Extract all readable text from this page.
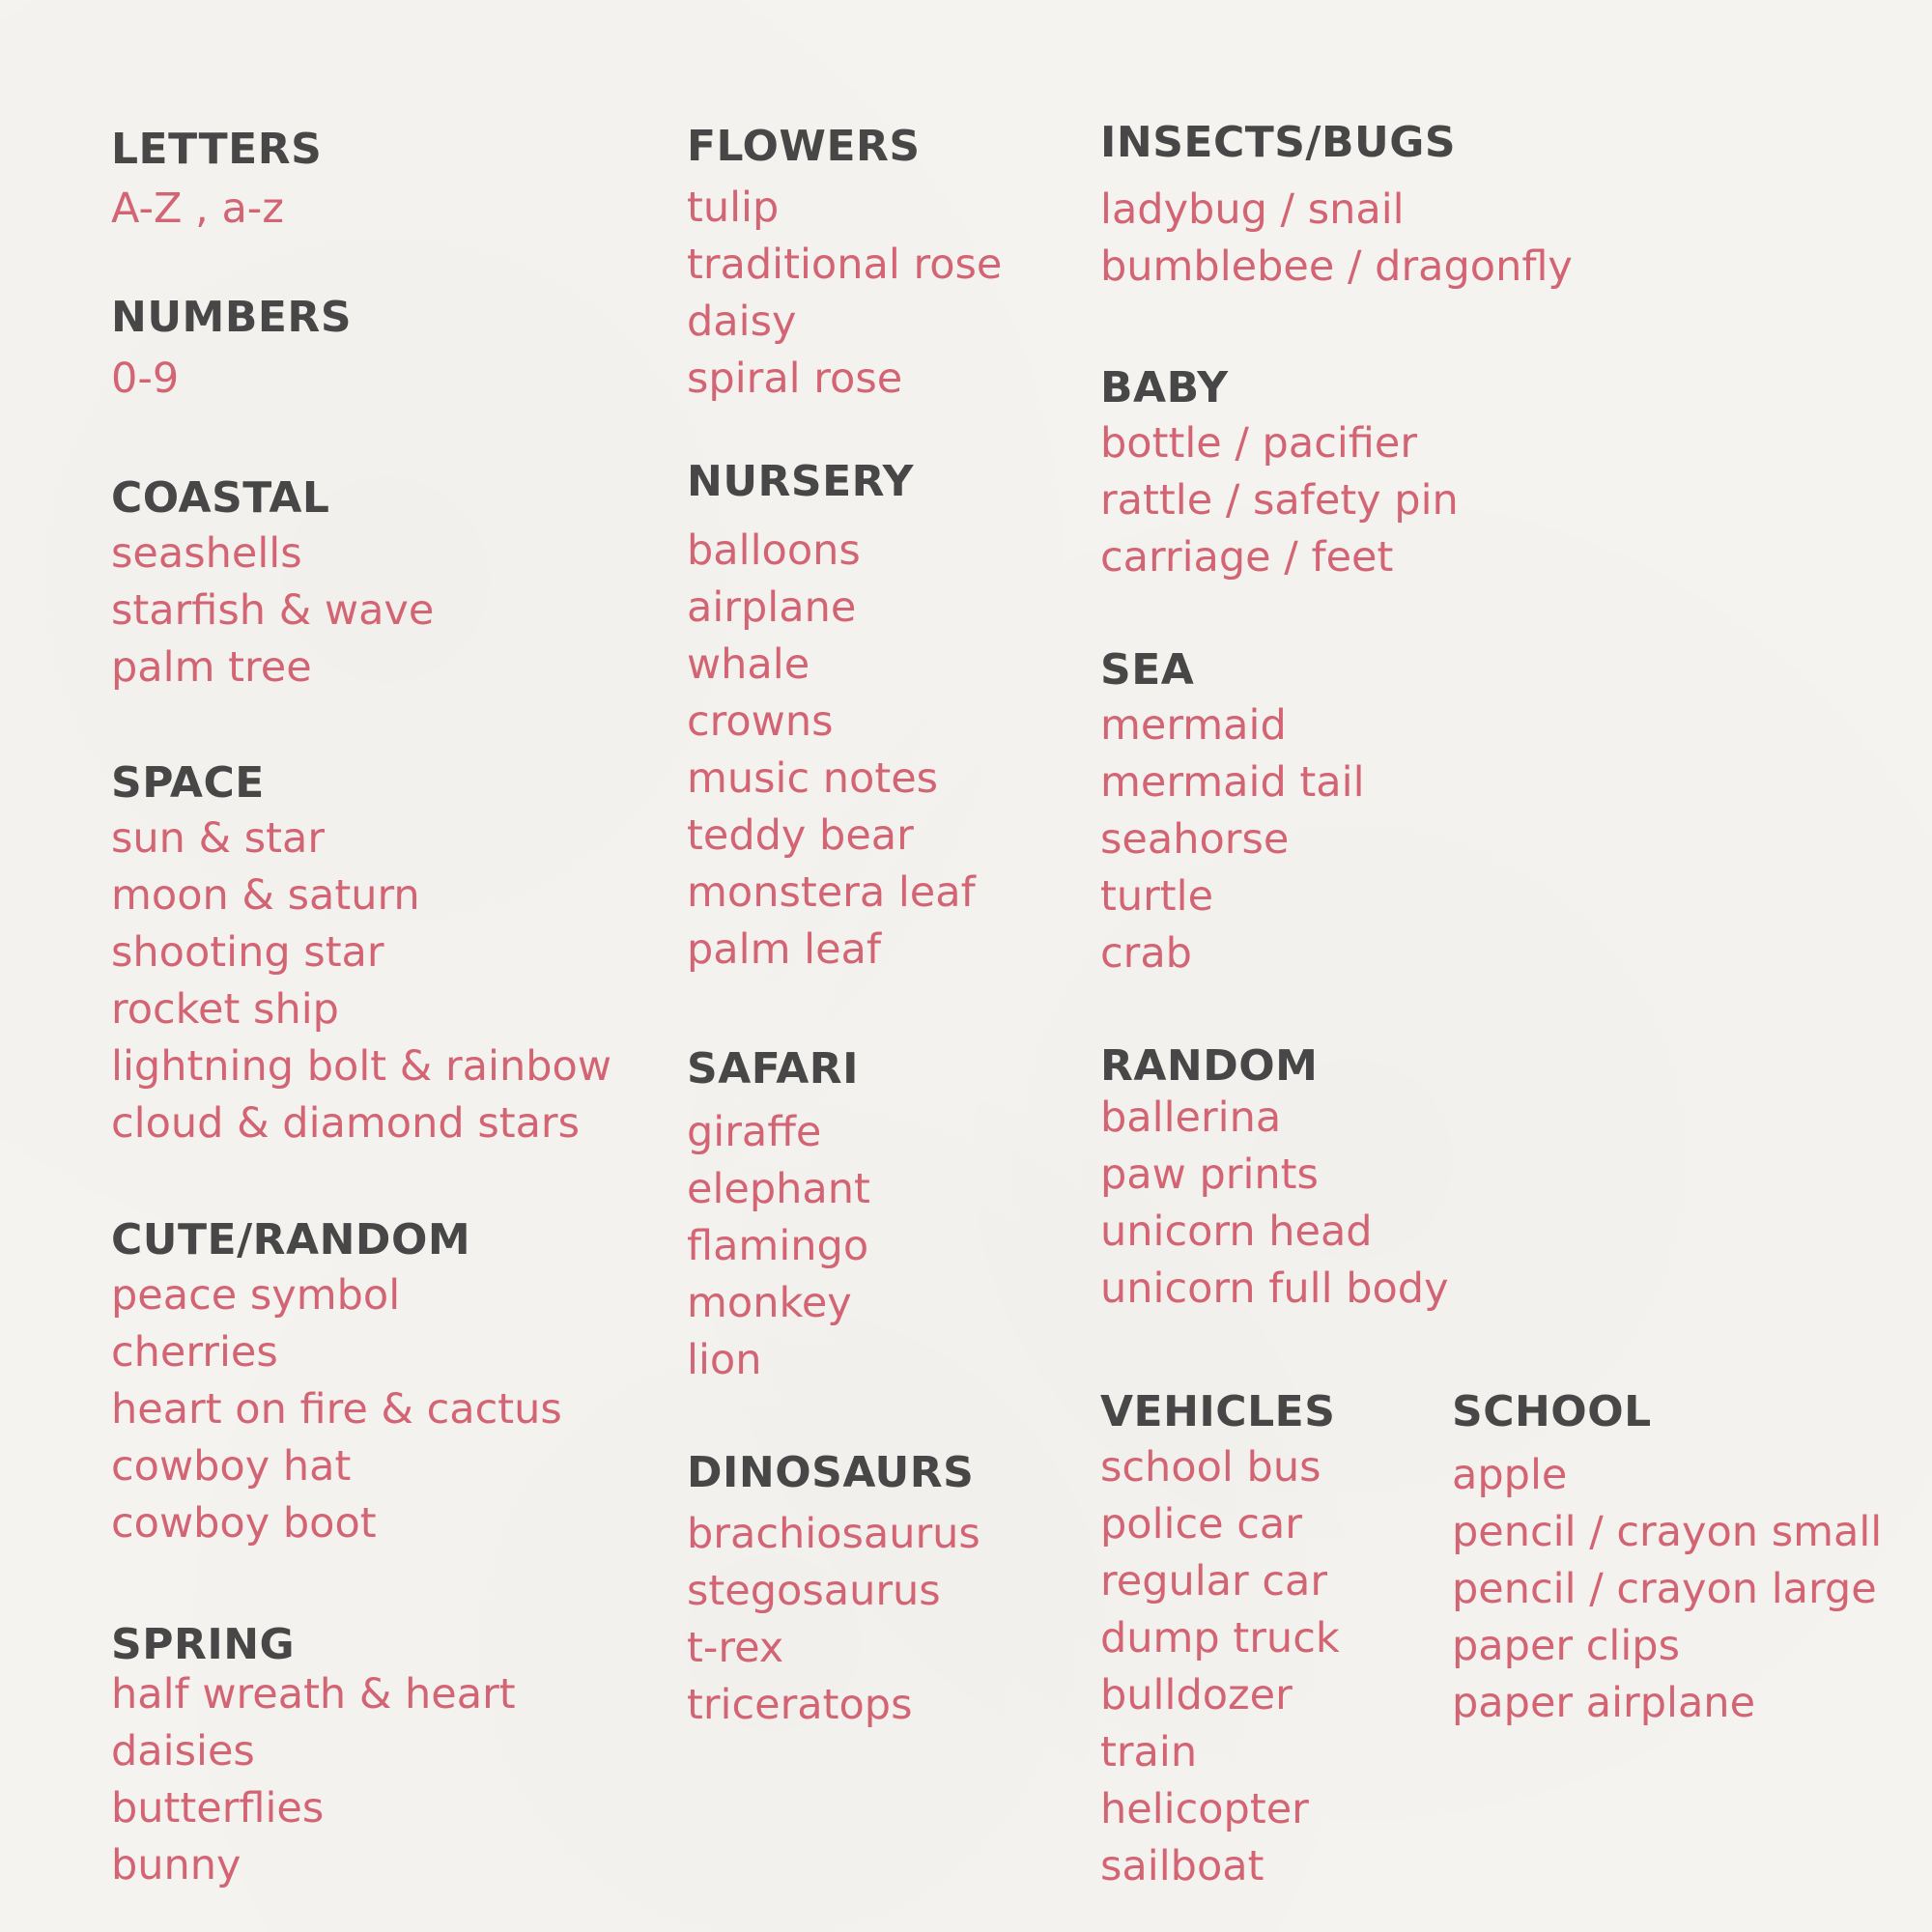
LETTERS
A-Z , a-z
NUMBERS
0-9
COASTAL
seashells
starfish & wave
palm tree
SPACE
sun & star
moon & saturn
shooting star
rocket ship
lightning bolt & rainbow
cloud & diamond stars
CUTE/RANDOM
peace symbol
cherries
heart on fire & cactus
cowboy hat
cowboy boot
SPRING
half wreath & heart
daisies
butterflies
bunny
FLOWERS
tulip
traditional rose
daisy
spiral rose
NURSERY
balloons
airplane
whale
crowns
music notes
teddy bear
monstera leaf
palm leaf
SAFARI
giraffe
elephant
flamingo
monkey
lion
DINOSAURS
brachiosaurus
stegosaurus
t-rex
triceratops
INSECTS/BUGS
ladybug / snail
bumblebee / dragonfly
BABY
bottle / pacifier
rattle / safety pin
carriage / feet
SEA
mermaid
mermaid tail
seahorse
turtle
crab
RANDOM
ballerina
paw prints
unicorn head
unicorn full body
VEHICLES
school bus
police car
regular car
dump truck
bulldozer
train
helicopter
sailboat
SCHOOL
apple
pencil / crayon small
pencil / crayon large
paper clips
paper airplane
